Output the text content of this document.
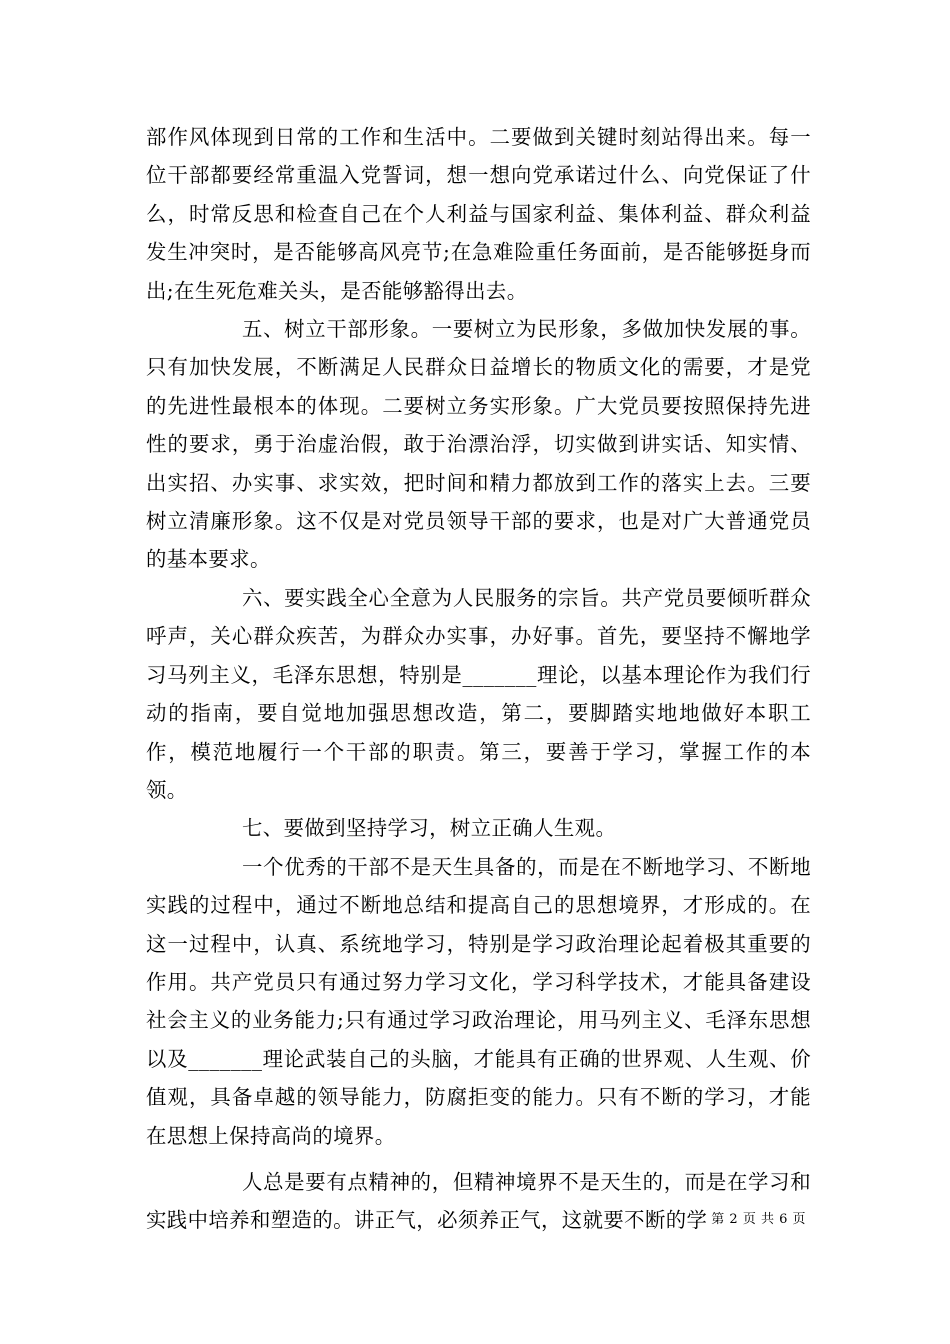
部作风体现到日常的工作和生活中。二要做到关键时刻站得出来。每一位干部都要经常重温入党誓词，想一想向党承诺过什么、向党保证了什么，时常反思和检查自己在个人利益与国家利益、集体利益、群众利益发生冲突时，是否能够高风亮节;在急难险重任务面前，是否能够挺身而出;在生死危难关头，是否能够豁得出去。

五、树立干部形象。一要树立为民形象，多做加快发展的事。只有加快发展，不断满足人民群众日益增长的物质文化的需要，才是党的先进性最根本的体现。二要树立务实形象。广大党员要按照保持先进性的要求，勇于治虚治假，敢于治漂治浮，切实做到讲实话、知实情、出实招、办实事、求实效，把时间和精力都放到工作的落实上去。三要树立清廉形象。这不仅是对党员领导干部的要求，也是对广大普通党员的基本要求。

六、要实践全心全意为人民服务的宗旨。共产党员要倾听群众呼声，关心群众疾苦，为群众办实事，办好事。首先，要坚持不懈地学习马列主义，毛泽东思想，特别是_______理论，以基本理论作为我们行动的指南，要自觉地加强思想改造，第二，要脚踏实地地做好本职工作，模范地履行一个干部的职责。第三，要善于学习，掌握工作的本领。

七、要做到坚持学习，树立正确人生观。

一个优秀的干部不是天生具备的，而是在不断地学习、不断地实践的过程中，通过不断地总结和提高自己的思想境界，才形成的。在这一过程中，认真、系统地学习，特别是学习政治理论起着极其重要的作用。共产党员只有通过努力学习文化，学习科学技术，才能具备建设社会主义的业务能力;只有通过学习政治理论，用马列主义、毛泽东思想以及_______理论武装自己的头脑，才能具有正确的世界观、人生观、价值观，具备卓越的领导能力，防腐拒变的能力。只有不断的学习，才能在思想上保持高尚的境界。

人总是要有点精神的，但精神境界不是天生的，而是在学习和实践中培养和塑造的。讲正气，必须养正气，这就要不断的学 第 2 页 共 6 页
